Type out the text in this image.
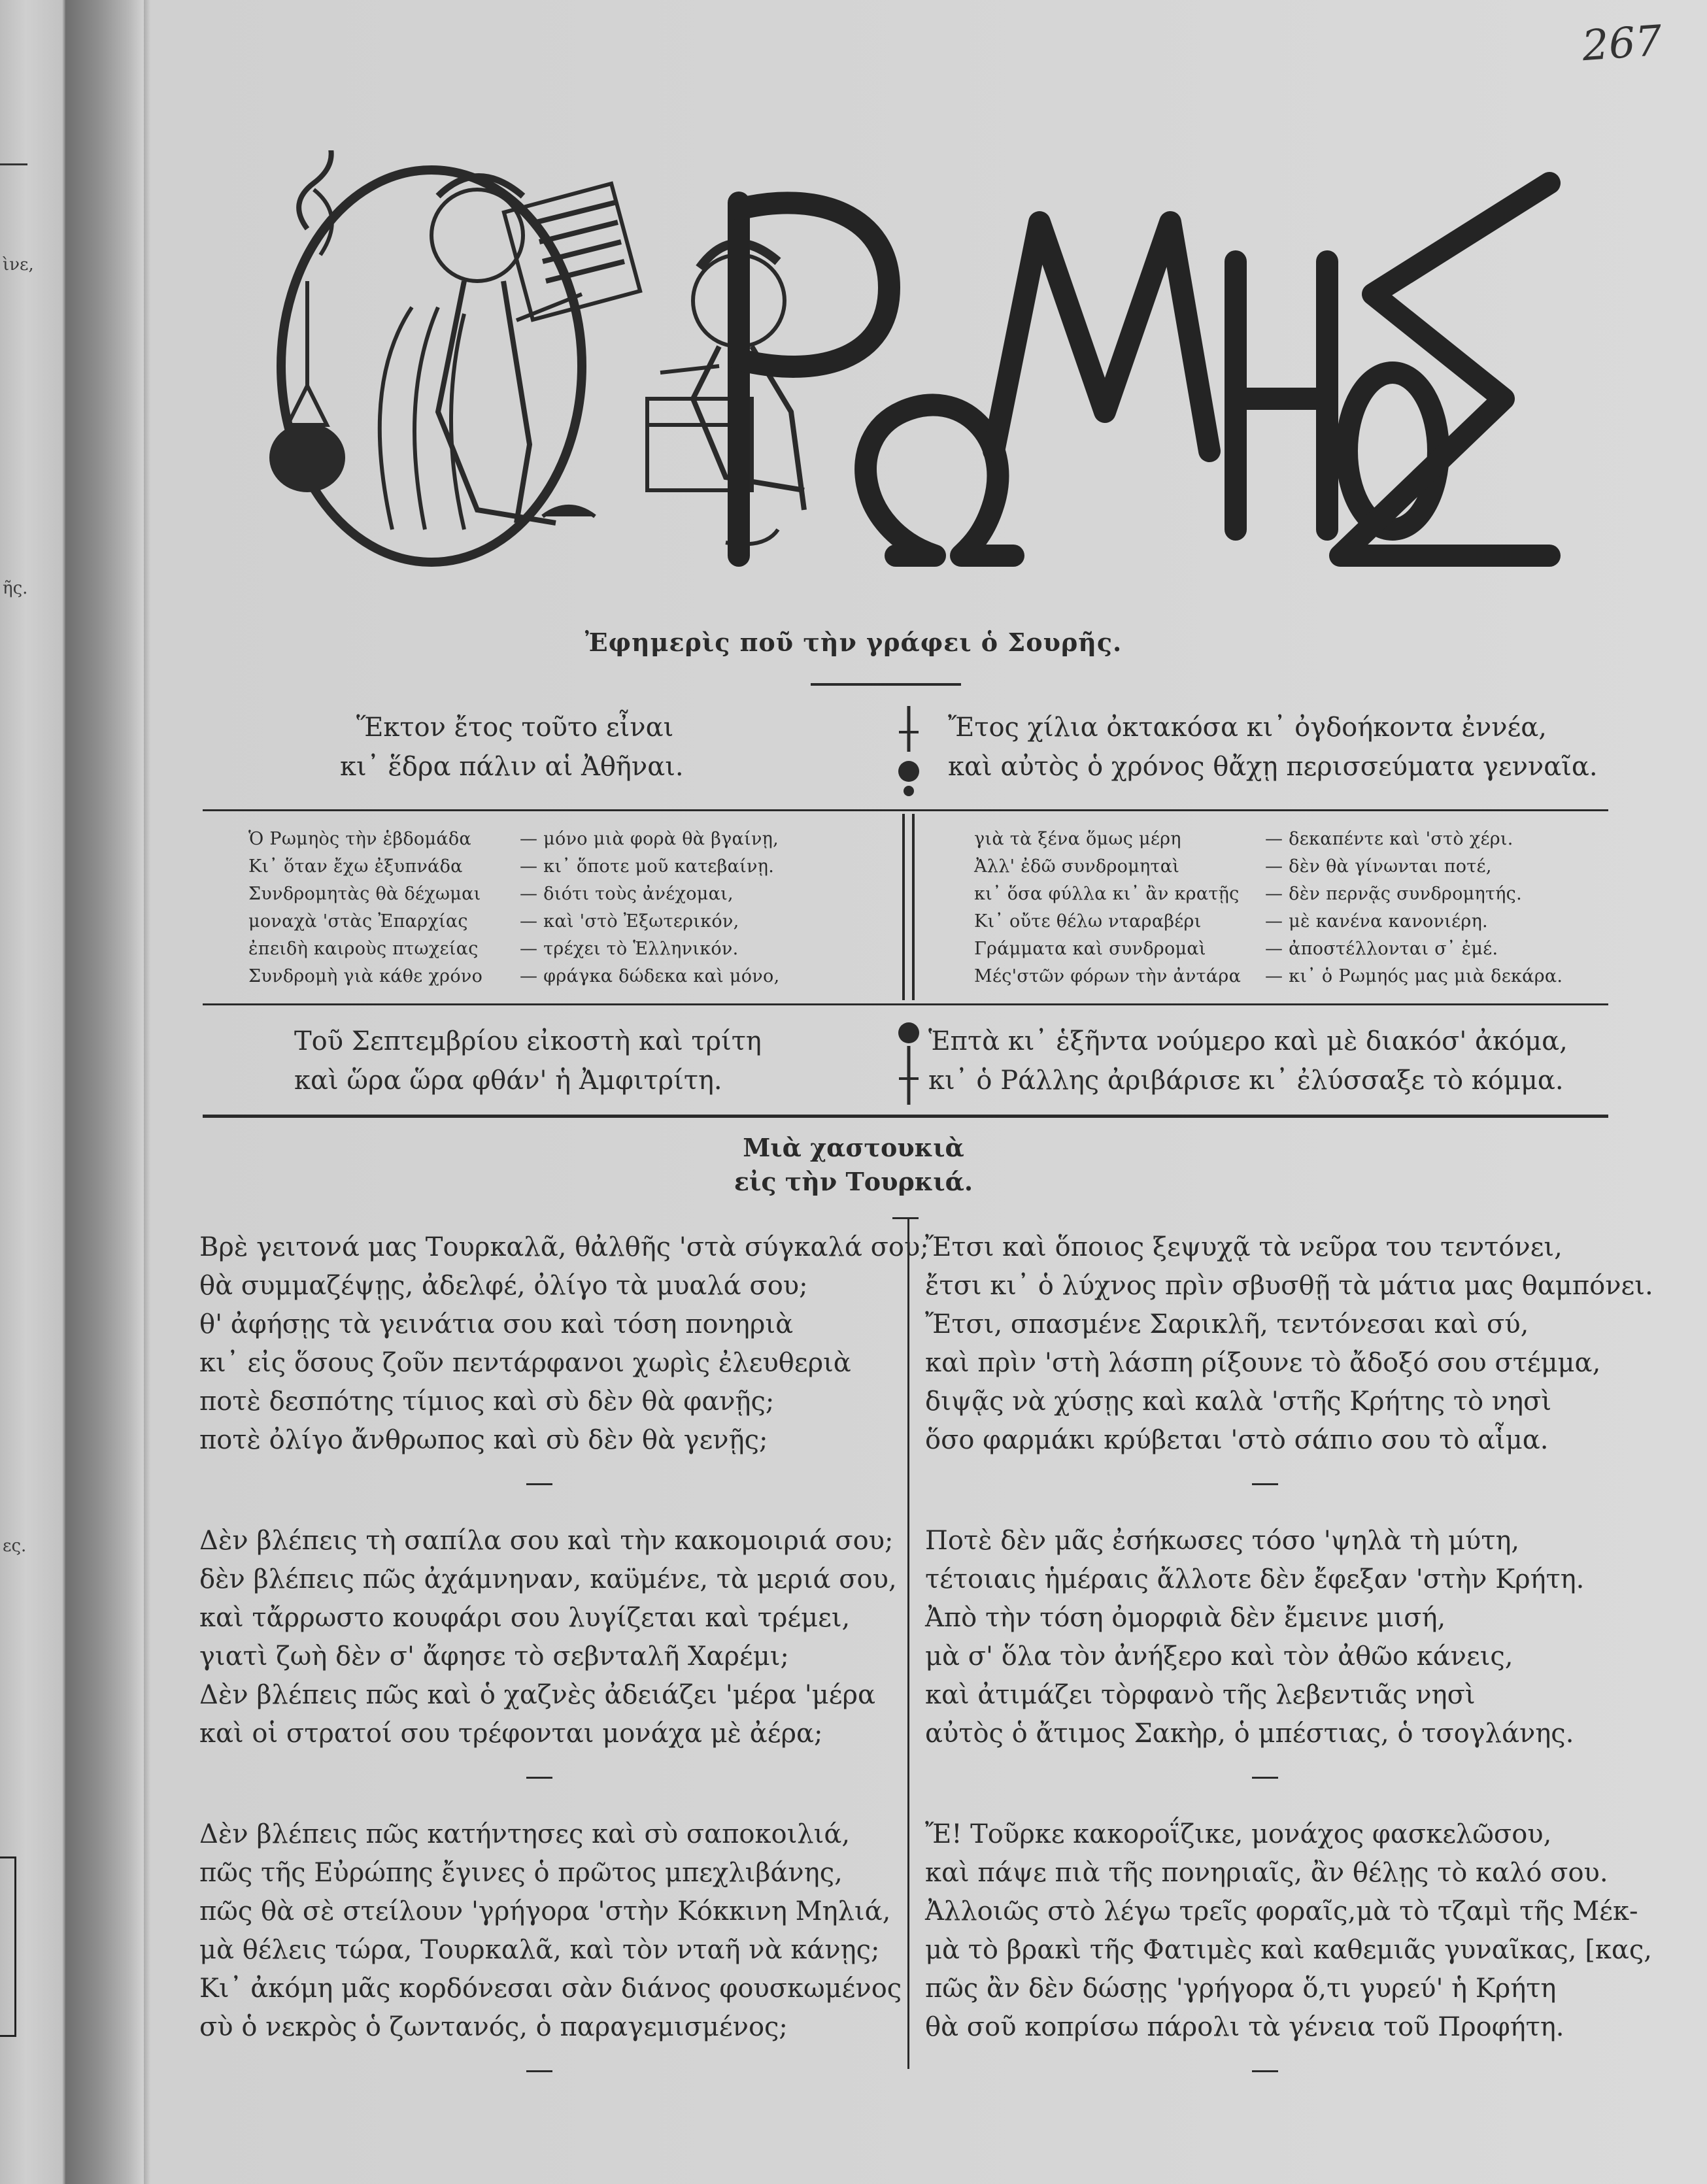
ὶνε,
ῆς.
ες.
267
Ἐφημερὶς ποῦ τὴν γράφει ὁ Σουρῆς.
Ἕκτον ἔτος τοῦτο εἶναι
κι᾿ ἕδρα πάλιν αἱ Ἀθῆναι.
Ἔτος χίλια ὀκτακόσα κι᾿ ὀγδοήκοντα ἐννέα,
καὶ αὐτὸς ὁ χρόνος θἄχῃ περισσεύματα γενναῖα.
Ὁ Ρωμηὸς τὴν ἑβδομάδα	— μόνο μιὰ φορὰ θὰ βγαίνῃ,
Κι᾿ ὅταν ἔχω ἐξυπνάδα	— κι᾿ ὅποτε μοῦ κατεβαίνῃ.
Συνδρομητὰς θὰ δέχωμαι — διότι τοὺς ἀνέχομαι,
μοναχὰ 'στὰς Ἐπαρχίας	— καὶ 'στὸ Ἐξωτερικόν,
ἐπειδὴ καιροὺς πτωχείας — τρέχει τὸ Ἑλληνικόν.
Συνδρομὴ γιὰ κάθε χρόνο — φράγκα δώδεκα καὶ μόνο,
γιὰ τὰ ξένα ὅμως μέρη	— δεκαπέντε καὶ 'στὸ χέρι.
Ἀλλ' ἐδῶ συνδρομηταὶ	— δὲν θὰ γίνωνται ποτέ,
κι᾿ ὅσα φύλλα κι᾿ ἂν κρατῇς — δὲν περνᾷς συνδρομητής.
Κι᾿ οὔτε θέλω νταραβέρι	— μὲ κανένα κανονιέρη.
Γράμματα καὶ συνδρομαὶ	— ἀποστέλλονται σ᾿ ἐμέ.
Μές'στῶν φόρων τὴν ἀντάρα — κι᾿ ὁ Ρωμηός μας μιὰ δεκάρα.
Τοῦ Σεπτεμβρίου εἰκοστὴ καὶ τρίτη
καὶ ὥρα ὥρα φθάν' ἡ Ἀμφιτρίτη.
Ἑπτὰ κι᾿ ἑξῆντα νούμερο καὶ μὲ διακόσ' ἀκόμα,
κι᾿ ὁ Ράλλης ἀριβάρισε κι᾿ ἐλύσσαξε τὸ κόμμα.
Μιὰ χαστουκιὰ
εἰς τὴν Τουρκιά.
Βρὲ γειτονά μας Τουρκαλᾶ, θἀλθῆς 'στὰ σύγκαλά σου;
θὰ συμμαζέψῃς, ἀδελφέ, ὀλίγο τὰ μυαλά σου;
θ' ἀφήσῃς τὰ γεινάτια σου καὶ τόση πονηριὰ
κι᾿ εἰς ὅσους ζοῦν πεντάρφανοι χωρὶς ἐλευθεριὰ
ποτὲ δεσπότης τίμιος καὶ σὺ δὲν θὰ φανῇς;
ποτὲ ὀλίγο ἄνθρωπος καὶ σὺ δὲν θὰ γενῇς;
Δὲν βλέπεις τὴ σαπίλα σου καὶ τὴν κακομοιριά σου;
δὲν βλέπεις πῶς ἀχάμνηναν, καϋμένε, τὰ μεριά σου,
καὶ τἄρρωστο κουφάρι σου λυγίζεται καὶ τρέμει,
γιατὶ ζωὴ δὲν σ' ἄφησε τὸ σεβνταλῆ Χαρέμι;
Δὲν βλέπεις πῶς καὶ ὁ χαζνὲς ἀδειάζει 'μέρα 'μέρα
καὶ οἱ στρατοί σου τρέφονται μονάχα μὲ ἀέρα;
Δὲν βλέπεις πῶς κατήντησες καὶ σὺ σαποκοιλιά,
πῶς τῆς Εὐρώπης ἔγινες ὁ πρῶτος μπεχλιβάνης,
πῶς θὰ σὲ στείλουν 'γρήγορα 'στὴν Κόκκινη Μηλιά,
μὰ θέλεις τώρα, Τουρκαλᾶ, καὶ τὸν νταῆ νὰ κάνῃς;
Κι᾿ ἀκόμη μᾶς κορδόνεσαι σὰν διάνος φουσκωμένος
σὺ ὁ νεκρὸς ὁ ζωντανός, ὁ παραγεμισμένος;
Ἔτσι καὶ ὅποιος ξεψυχᾷ τὰ νεῦρα του τεντόνει,
ἔτσι κι᾿ ὁ λύχνος πρὶν σβυσθῇ τὰ μάτια μας θαμπόνει.
Ἔτσι, σπασμένε Σαρικλῆ, τεντόνεσαι καὶ σύ,
καὶ πρὶν 'στὴ λάσπη ρίξουνε τὸ ἄδοξό σου στέμμα,
διψᾷς νὰ χύσῃς καὶ καλὰ 'στῆς Κρήτης τὸ νησὶ
ὅσο φαρμάκι κρύβεται 'στὸ σάπιο σου τὸ αἷμα.
Ποτὲ δὲν μᾶς ἐσήκωσες τόσο 'ψηλὰ τὴ μύτη,
τέτοιαις ἡμέραις ἄλλοτε δὲν ἔφεξαν 'στὴν Κρήτη.
Ἀπὸ τὴν τόση ὀμορφιὰ δὲν ἔμεινε μισή,
μὰ σ' ὅλα τὸν ἀνήξερο καὶ τὸν ἀθῶο κάνεις,
καὶ ἀτιμάζει τὸρφανὸ τῆς λεβεντιᾶς νησὶ
αὐτὸς ὁ ἄτιμος Σακὴρ, ὁ μπέστιας, ὁ τσογλάνης.
Ἔ! Τοῦρκε κακοροΐζικε, μονάχος φασκελῶσου,
καὶ πάψε πιὰ τῆς πονηριαῖς, ἂν θέλῃς τὸ καλό σου.
Ἀλλοιῶς στὸ λέγω τρεῖς φοραῖς,μὰ τὸ τζαμὶ τῆς Μέκ-
μὰ τὸ βρακὶ τῆς Φατιμὲς καὶ καθεμιᾶς γυναῖκας, [κας,
πῶς ἂν δὲν δώσῃς 'γρήγορα ὅ,τι γυρεύ' ἡ Κρήτη
θὰ σοῦ κοπρίσω πάρολι τὰ γένεια τοῦ Προφήτη.
